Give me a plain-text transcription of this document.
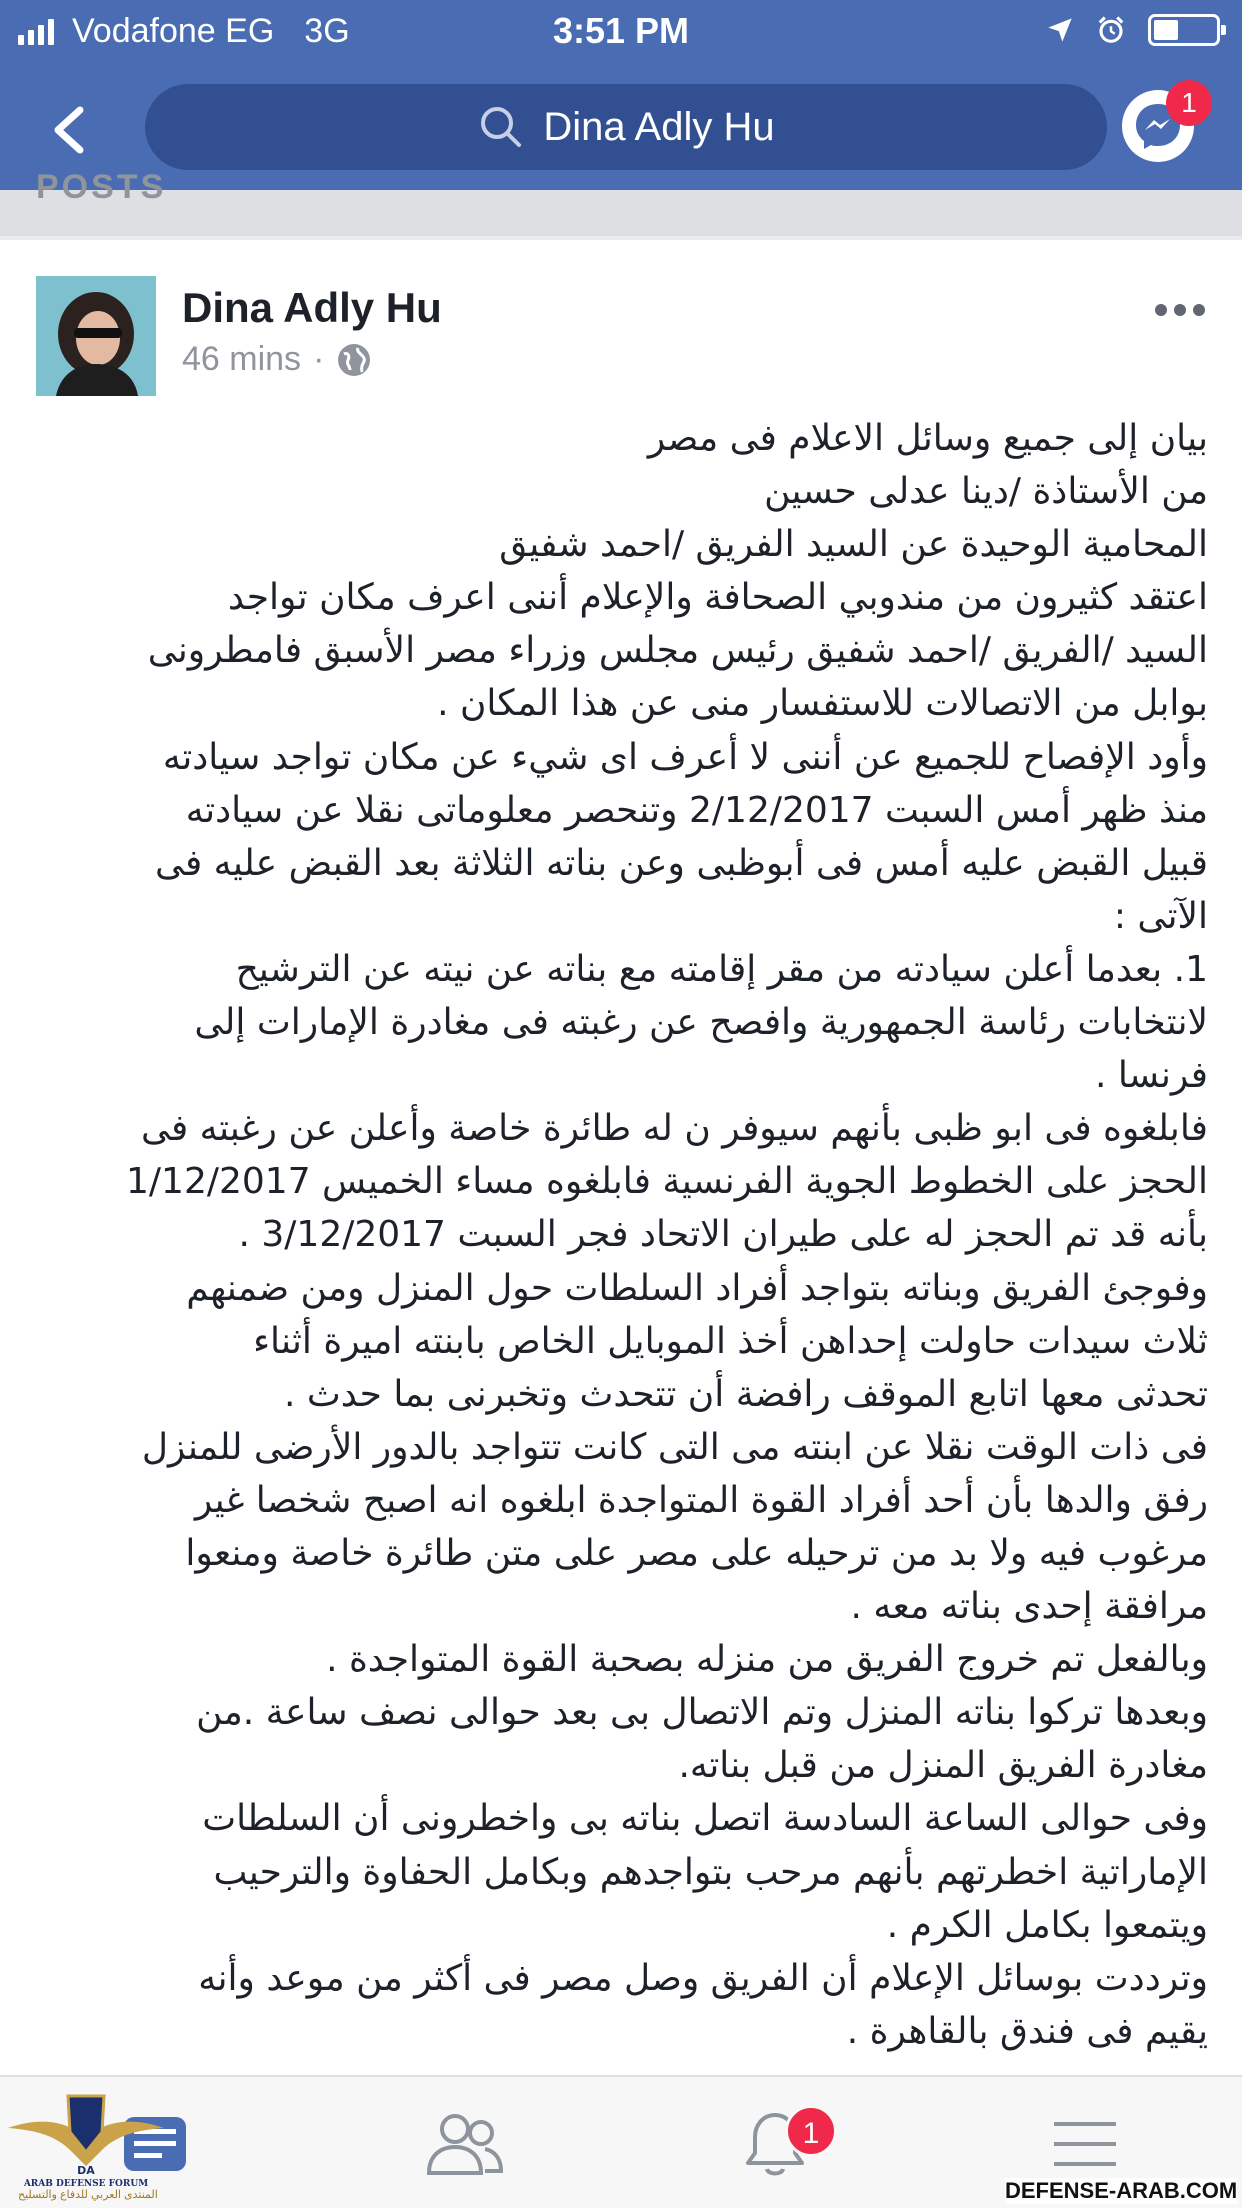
Vodafone EG 3G	3:51 PM
Dina Adly Hu
1
POSTS
Dina Adly Hu
46 mins ·
بيان إلى جميع وسائل الاعلام فى مصر
من الأستاذة /دينا عدلى حسين
المحامية الوحيدة عن السيد الفريق /احمد شفيق
اعتقد كثيرون من مندوبي الصحافة والإعلام أننى اعرف مكان تواجد
السيد /الفريق /احمد شفيق رئيس مجلس وزراء مصر الأسبق فامطرونى
بوابل من الاتصالات للاستفسار منى عن هذا المكان .
وأود الإفصاح للجميع عن أننى لا أعرف اى شيء عن مكان تواجد سيادته
منذ ظهر أمس السبت 2/12/2017 وتنحصر معلوماتى نقلا عن سيادته
قبيل القبض عليه أمس فى أبوظبى وعن بناته الثلاثة بعد القبض عليه فى
الآتى :
1. بعدما أعلن سيادته من مقر إقامته مع بناته عن نيته عن الترشيح
لانتخابات رئاسة الجمهورية وافصح عن رغبته فى مغادرة الإمارات إلى
فرنسا .
فابلغوه فى ابو ظبى بأنهم سيوفر ن له طائرة خاصة وأعلن عن رغبته فى
الحجز على الخطوط الجوية الفرنسية فابلغوه مساء الخميس 1/12/2017
بأنه قد تم الحجز له على طيران الاتحاد فجر السبت 3/12/2017 .
وفوجئ الفريق وبناته بتواجد أفراد السلطات حول المنزل ومن ضمنهم
ثلاث سيدات حاولت إحداهن أخذ الموبايل الخاص بابنته اميرة أثناء
تحدثى معها اتابع الموقف رافضة أن تتحدث وتخبرنى بما حدث .
فى ذات الوقت نقلا عن ابنته مى التى كانت تتواجد بالدور الأرضى للمنزل
رفق والدها بأن أحد أفراد القوة المتواجدة ابلغوه انه اصبح شخصا غير
مرغوب فيه ولا بد من ترحيله على مصر على متن طائرة خاصة ومنعوا
مرافقة إحدى بناته معه .
وبالفعل تم خروج الفريق من منزله بصحبة القوة المتواجدة .
وبعدها تركوا بناته المنزل وتم الاتصال بى بعد حوالى نصف ساعة .من
مغادرة الفريق المنزل من قبل بناته.
وفى حوالى الساعة السادسة اتصل بناته بى واخطرونى أن السلطات
الإماراتية اخطرتهم بأنهم مرحب بتواجدهم وبكامل الحفاوة والترحيب
ويتمعوا بكامل الكرم .
وترددت بوسائل الإعلام أن الفريق وصل مصر فى أكثر من موعد وأنه
يقيم فى فندق بالقاهرة .
1
DA
ARAB DEFENSE FORUM
المنتدى العربي للدفاع والتسليح	DEFENSE-ARAB.COM
